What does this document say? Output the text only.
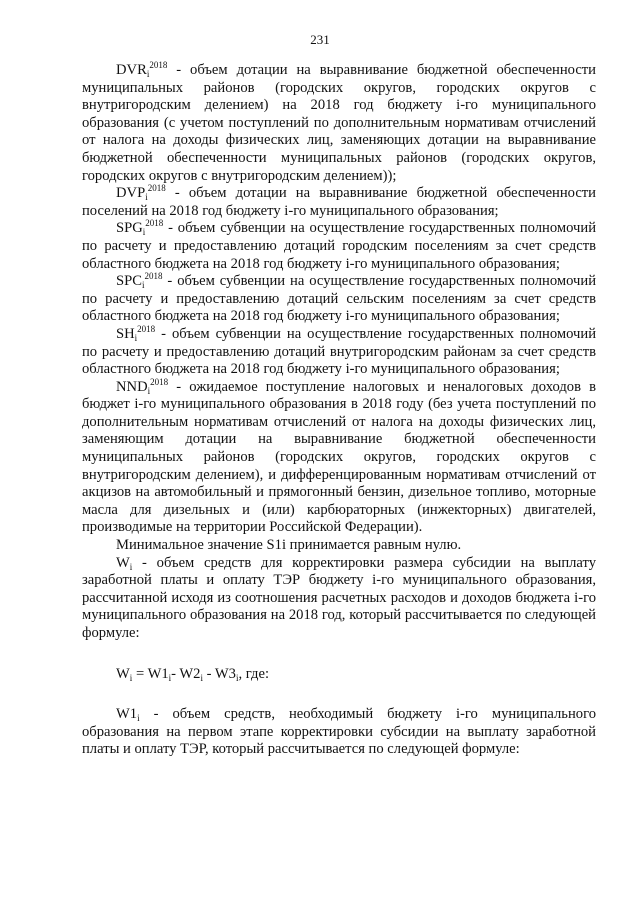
231

$DVR_i^{2018}$ - объем дотации на выравнивание бюджетной обеспеченности муниципальных районов (городских округов, городских округов с внутригородским делением) на 2018 год бюджету i-го муниципального образования (с учетом поступлений по дополнительным нормативам отчислений от налога на доходы физических лиц, заменяющих дотации на выравнивание бюджетной обеспеченности муниципальных районов (городских округов, городских округов с внутригородским делением));

$DVP_i^{2018}$ - объем дотации на выравнивание бюджетной обеспеченности поселений на 2018 год бюджету i-го муниципального образования;

$SPG_i^{2018}$ - объем субвенции на осуществление государственных полномочий по расчету и предоставлению дотаций городским поселениям за счет средств областного бюджета на 2018 год бюджету i-го муниципального образования;

$SPC_i^{2018}$ - объем субвенции на осуществление государственных полномочий по расчету и предоставлению дотаций сельским поселениям за счет средств областного бюджета на 2018 год бюджету i-го муниципального образования;

$SH_i^{2018}$ - объем субвенции на осуществление государственных полномочий по расчету и предоставлению дотаций внутригородским районам за счет средств областного бюджета на 2018 год бюджету i-го муниципального образования;

$NND_i^{2018}$ - ожидаемое поступление налоговых и неналоговых доходов в бюджет i-го муниципального образования в 2018 году (без учета поступлений по дополнительным нормативам отчислений от налога на доходы физических лиц, заменяющим дотации на выравнивание бюджетной обеспеченности муниципальных районов (городских округов, городских округов с внутригородским делением), и дифференцированным нормативам отчислений от акцизов на автомобильный и прямогонный бензин, дизельное топливо, моторные масла для дизельных и (или) карбюраторных (инжекторных) двигателей, производимые на территории Российской Федерации).

Минимальное значение S1i принимается равным нулю.

$W_i$ - объем средств для корректировки размера субсидии на выплату заработной платы и оплату ТЭР бюджету i-го муниципального образования, рассчитанной исходя из соотношения расчетных расходов и доходов бюджета i-го муниципального образования на 2018 год, который рассчитывается по следующей формуле:

$W_i = W1_i-$ $W2_i - W3_i$, где:

$W1_i$ - объем средств, необходимый бюджету i-го муниципального образования на первом этапе корректировки субсидии на выплату заработной платы и оплату ТЭР, который рассчитывается по следующей формуле:
